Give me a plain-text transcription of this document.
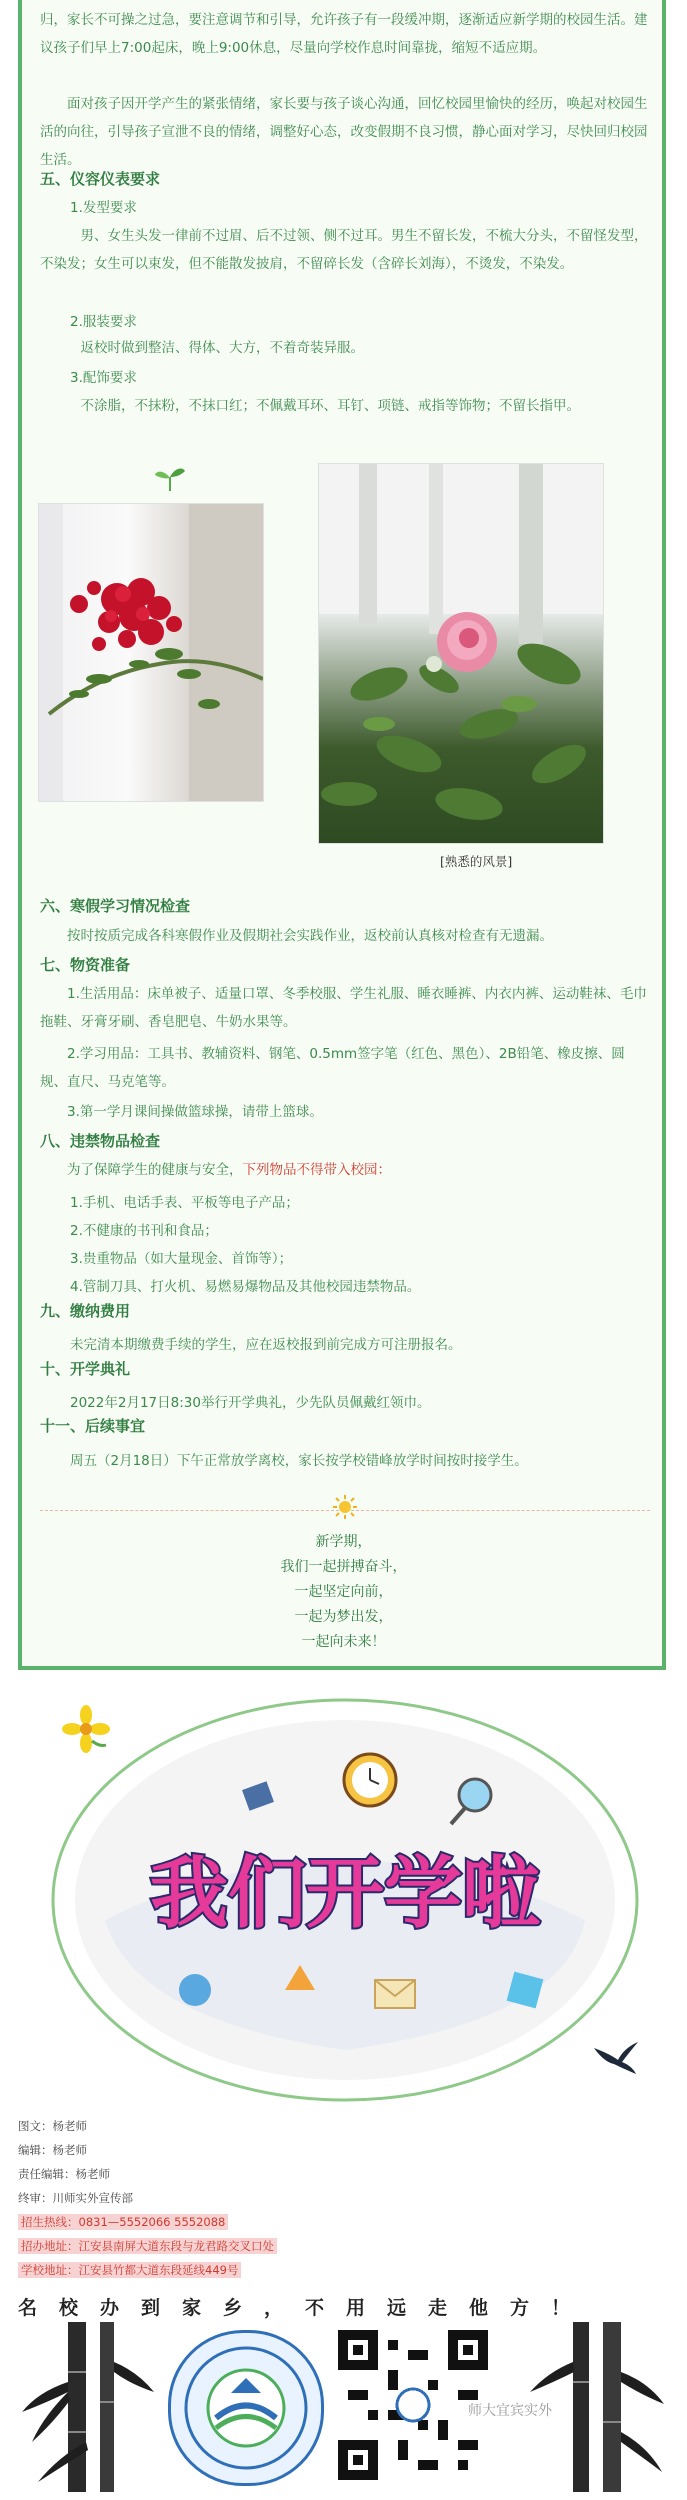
归，家长不可操之过急，要注意调节和引导，允许孩子有一段缓冲期，逐渐适应新学期的校园生活。建议孩子们早上7:00起床，晚上9:00休息，尽量向学校作息时间靠拢，缩短不适应期。

面对孩子因开学产生的紧张情绪，家长要与孩子谈心沟通，回忆校园里愉快的经历，唤起对校园生活的向往，引导孩子宣泄不良的情绪，调整好心态，改变假期不良习惯，静心面对学习，尽快回归校园生活。

五、仪容仪表要求

1.发型要求

男、女生头发一律前不过眉、后不过领、侧不过耳。男生不留长发，不梳大分头，不留怪发型，不染发；女生可以束发，但不能散发披肩，不留碎长发（含碎长刘海），不烫发，不染发。

2.服装要求

返校时做到整洁、得体、大方，不着奇装异服。

3.配饰要求

不涂脂，不抹粉，不抹口红；不佩戴耳环、耳钉、项链、戒指等饰物；不留长指甲。

[熟悉的风景]

六、寒假学习情况检查

按时按质完成各科寒假作业及假期社会实践作业，返校前认真核对检查有无遗漏。

七、物资准备

1.生活用品：床单被子、适量口罩、冬季校服、学生礼服、睡衣睡裤、内衣内裤、运动鞋袜、毛巾拖鞋、牙膏牙刷、香皂肥皂、牛奶水果等。

2.学习用品：工具书、教辅资料、钢笔、0.5mm签字笔（红色、黑色）、2B铅笔、橡皮擦、圆规、直尺、马克笔等。

3.第一学月课间操做篮球操，请带上篮球。

八、违禁物品检查

为了保障学生的健康与安全，下列物品不得带入校园：

1.手机、电话手表、平板等电子产品；

2.不健康的书刊和食品；

3.贵重物品（如大量现金、首饰等）；

4.管制刀具、打火机、易燃易爆物品及其他校园违禁物品。

九、缴纳费用

未完清本期缴费手续的学生，应在返校报到前完成方可注册报名。

十、开学典礼

2022年2月17日8:30举行开学典礼，少先队员佩戴红领巾。

十一、后续事宜

周五（2月18日）下午正常放学离校，家长按学校错峰放学时间按时接学生。

新学期，

我们一起拼搏奋斗，

一起坚定向前，

一起为梦出发，

一起向未来！

我们开学啦

图文：杨老师

编辑：杨老师

责任编辑：杨老师

终审：川师实外宣传部

招生热线：0831—5552066 5552088

招办地址：江安县南屏大道东段与龙君路交叉口处

学校地址：江安县竹都大道东段延线449号

名校办到家乡，不用远走他方！
师大宜宾实外
